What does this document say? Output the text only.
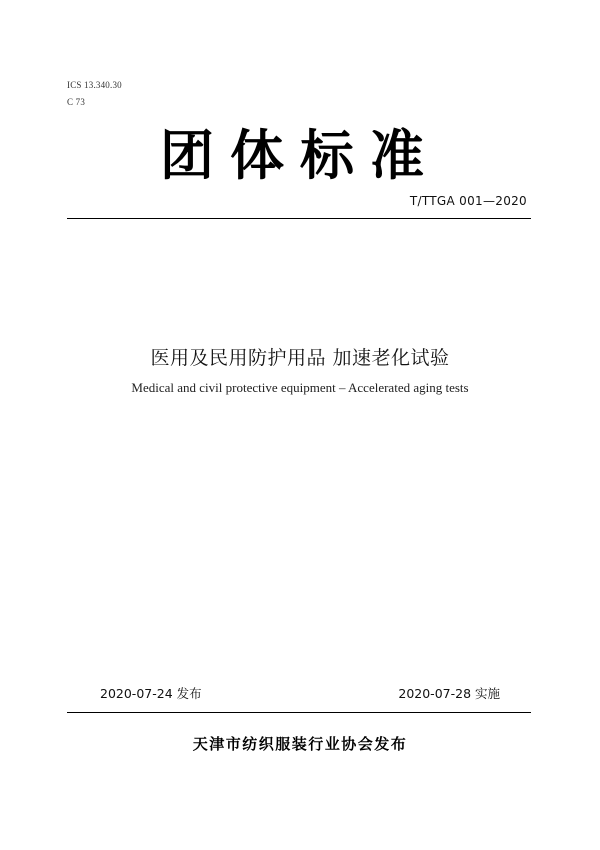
ICS 13.340.30
C 73
团体标准
T/TTGA 001—2020
医用及民用防护用品 加速老化试验
Medical and civil protective equipment – Accelerated aging tests
2020-07-24 发布	2020-07-28 实施
天津市纺织服装行业协会发布
